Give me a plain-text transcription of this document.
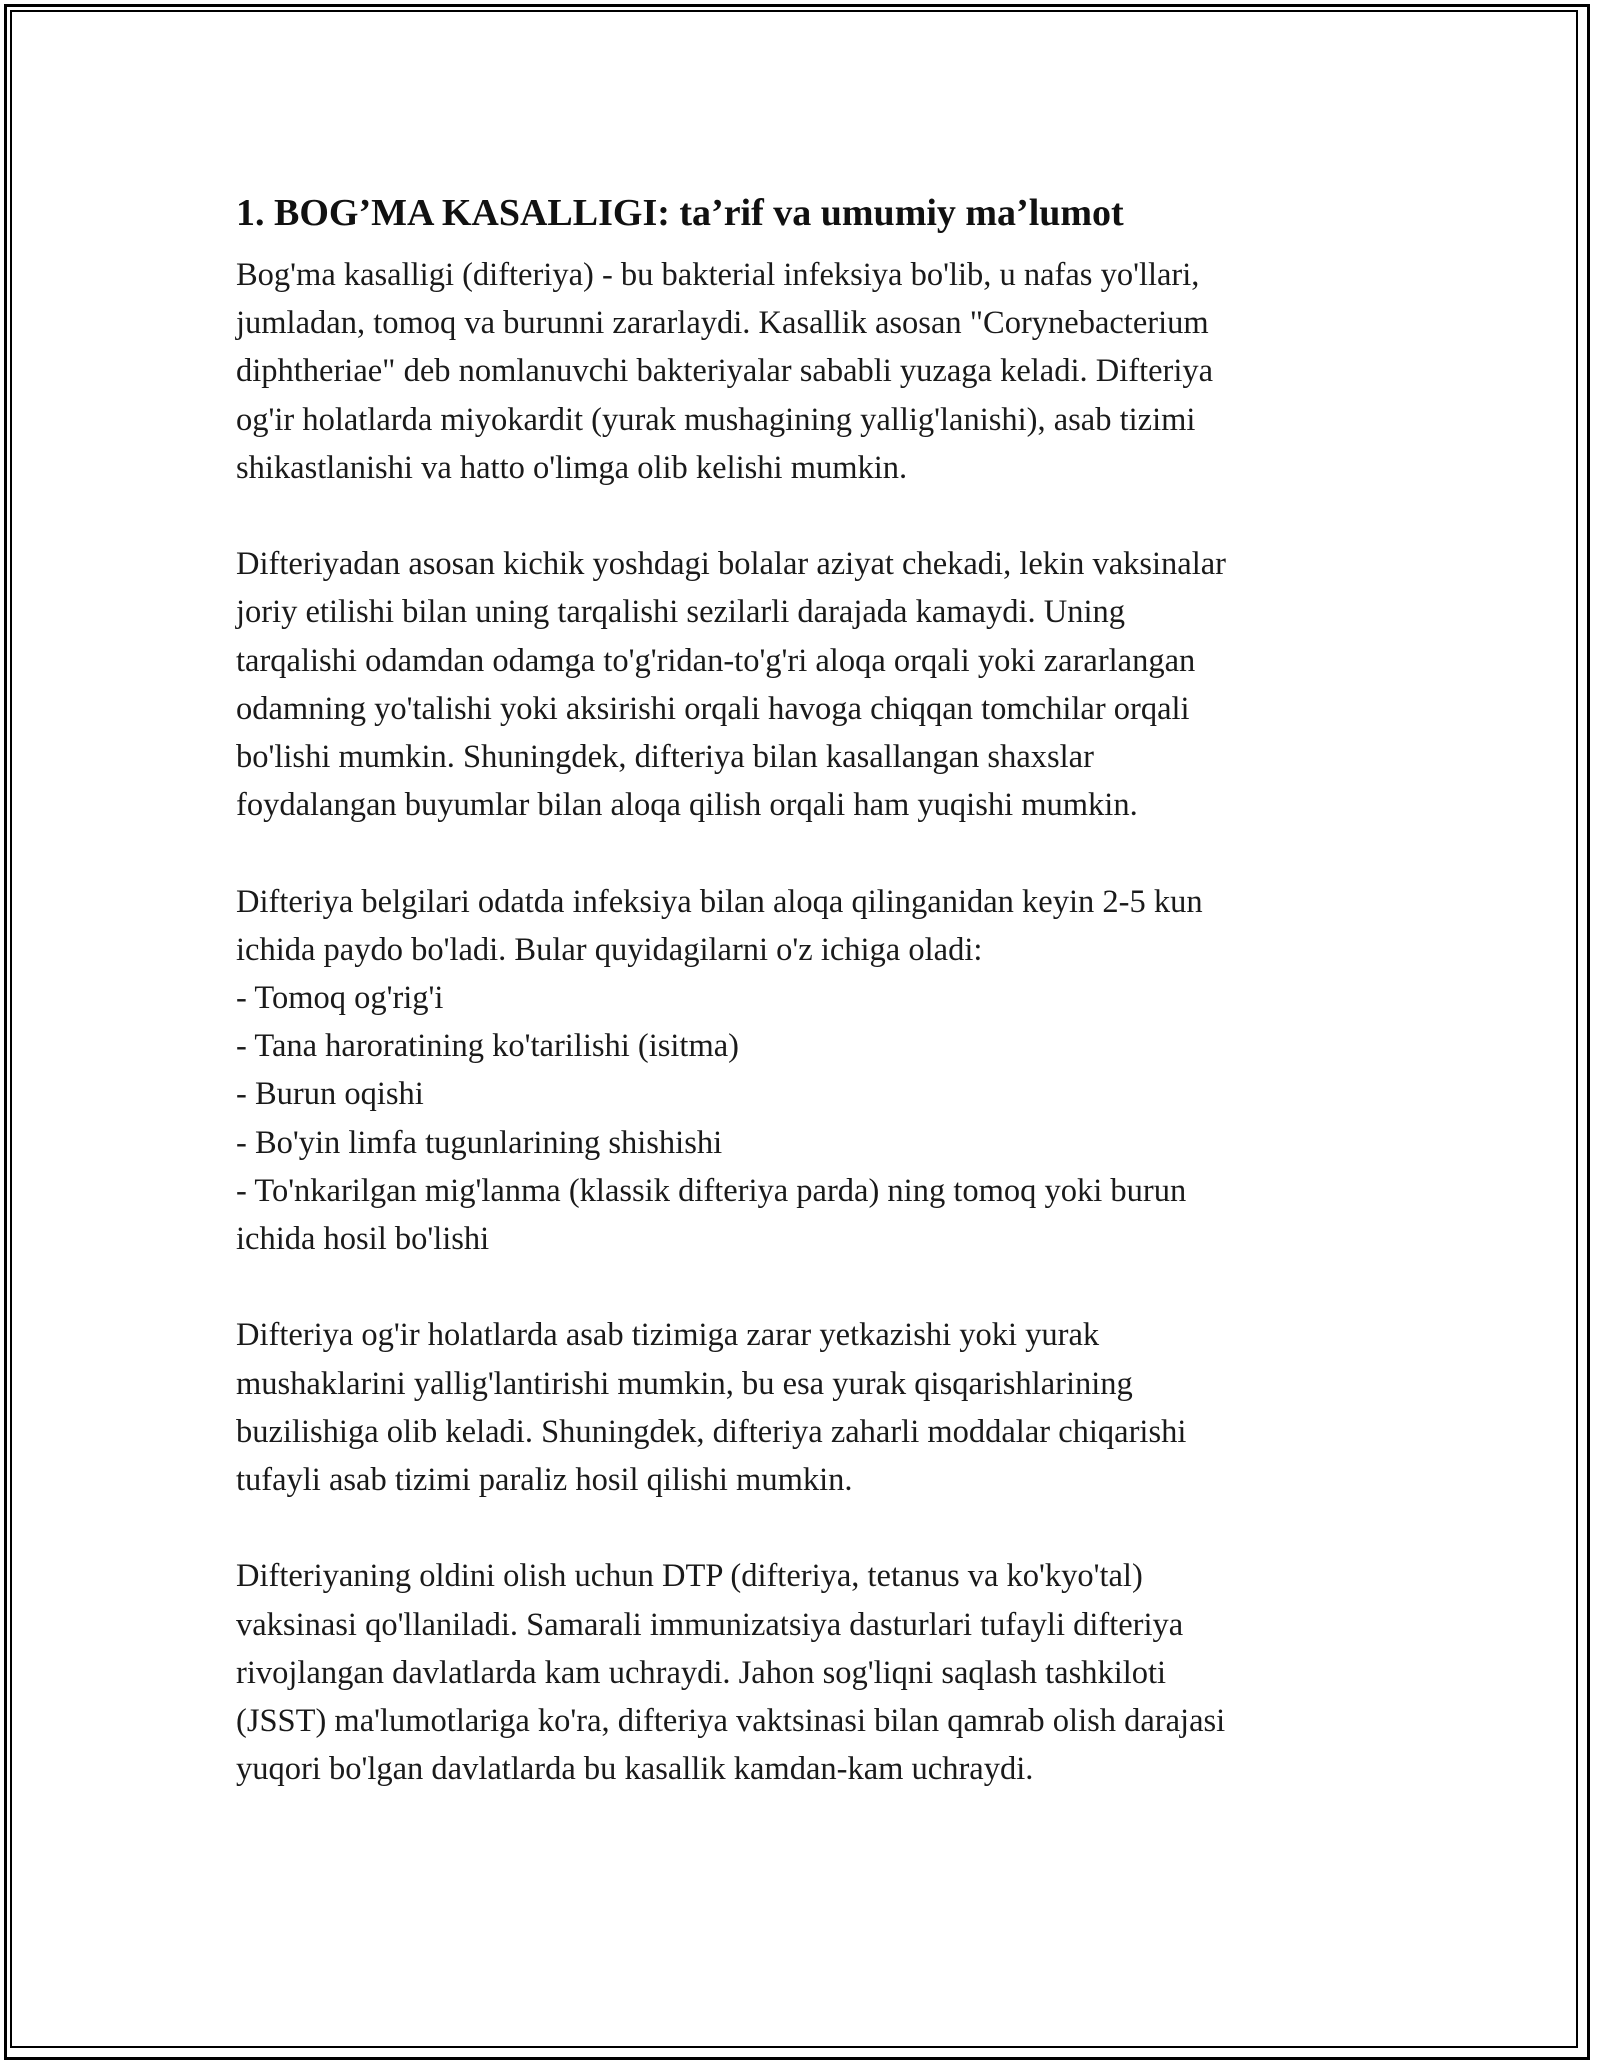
1. BOG’MA KASALLIGI: ta’rif va umumiy ma’lumot

Bog'ma kasalligi (difteriya) - bu bakterial infeksiya bo'lib, u nafas yo'llari,
jumladan, tomoq va burunni zararlaydi. Kasallik asosan "Corynebacterium
diphtheriae" deb nomlanuvchi bakteriyalar sababli yuzaga keladi. Difteriya
og'ir holatlarda miyokardit (yurak mushagining yallig'lanishi), asab tizimi
shikastlanishi va hatto o'limga olib kelishi mumkin.

Difteriyadan asosan kichik yoshdagi bolalar aziyat chekadi, lekin vaksinalar
joriy etilishi bilan uning tarqalishi sezilarli darajada kamaydi. Uning
tarqalishi odamdan odamga to'g'ridan-to'g'ri aloqa orqali yoki zararlangan
odamning yo'talishi yoki aksirishi orqali havoga chiqqan tomchilar orqali
bo'lishi mumkin. Shuningdek, difteriya bilan kasallangan shaxslar
foydalangan buyumlar bilan aloqa qilish orqali ham yuqishi mumkin.

Difteriya belgilari odatda infeksiya bilan aloqa qilinganidan keyin 2-5 kun
ichida paydo bo'ladi. Bular quyidagilarni o'z ichiga oladi:
- Tomoq og'rig'i
- Tana haroratining ko'tarilishi (isitma)
- Burun oqishi
- Bo'yin limfa tugunlarining shishishi
- To'nkarilgan mig'lanma (klassik difteriya parda) ning tomoq yoki burun
ichida hosil bo'lishi

Difteriya og'ir holatlarda asab tizimiga zarar yetkazishi yoki yurak
mushaklarini yallig'lantirishi mumkin, bu esa yurak qisqarishlarining
buzilishiga olib keladi. Shuningdek, difteriya zaharli moddalar chiqarishi
tufayli asab tizimi paraliz hosil qilishi mumkin.

Difteriyaning oldini olish uchun DTP (difteriya, tetanus va ko'kyo'tal)
vaksinasi qo'llaniladi. Samarali immunizatsiya dasturlari tufayli difteriya
rivojlangan davlatlarda kam uchraydi. Jahon sog'liqni saqlash tashkiloti
(JSST) ma'lumotlariga ko'ra, difteriya vaktsinasi bilan qamrab olish darajasi
yuqori bo'lgan davlatlarda bu kasallik kamdan-kam uchraydi.
